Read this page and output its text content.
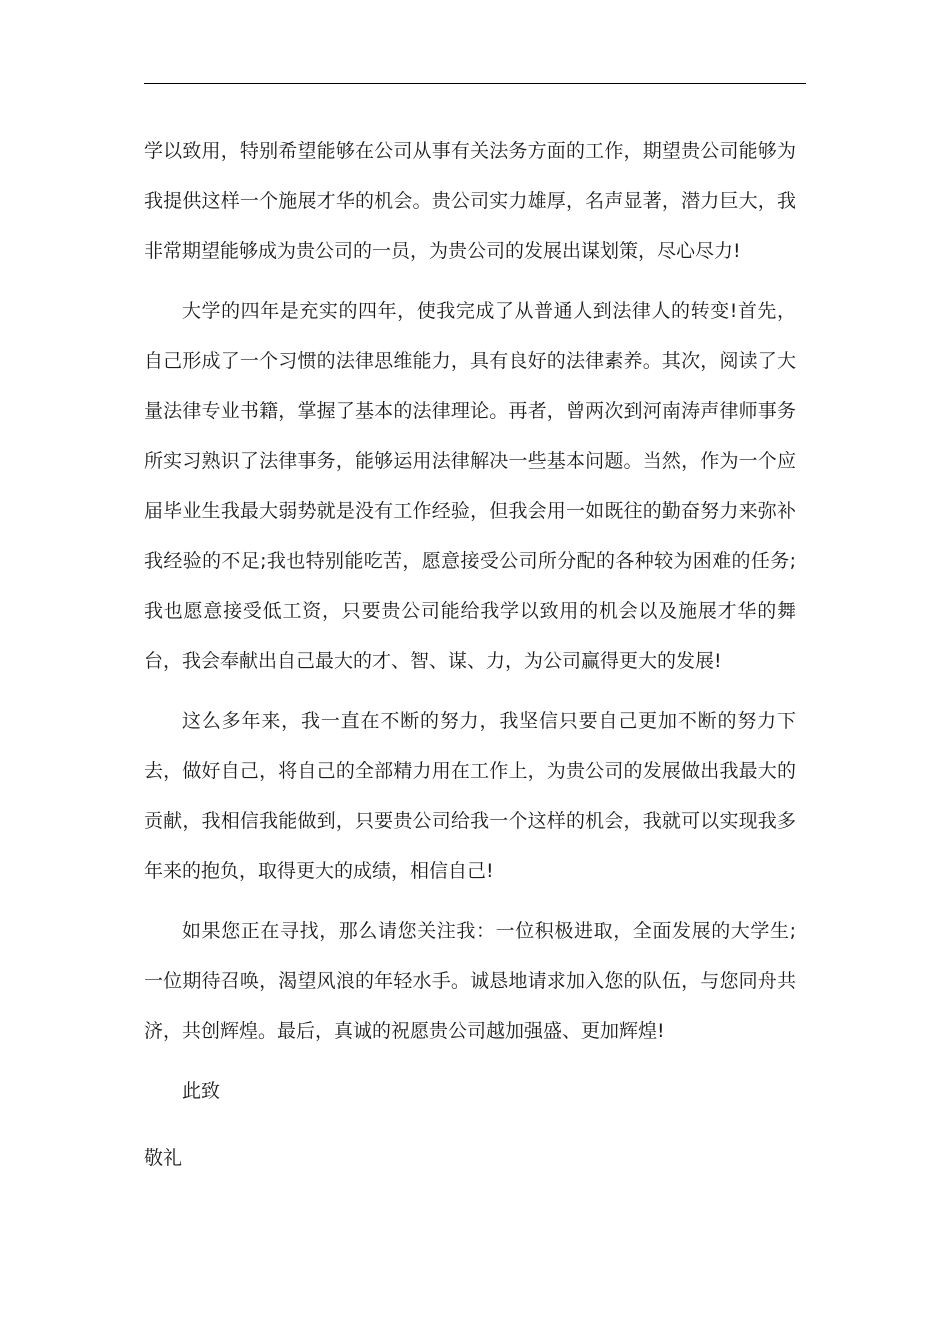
学以致用，特别希望能够在公司从事有关法务方面的工作，期望贵公司能够为我提供这样一个施展才华的机会。贵公司实力雄厚，名声显著，潜力巨大，我非常期望能够成为贵公司的一员，为贵公司的发展出谋划策，尽心尽力!

大学的四年是充实的四年，使我完成了从普通人到法律人的转变!首先，自己形成了一个习惯的法律思维能力，具有良好的法律素养。其次，阅读了大量法律专业书籍，掌握了基本的法律理论。再者，曾两次到河南涛声律师事务所实习熟识了法律事务，能够运用法律解决一些基本问题。当然，作为一个应届毕业生我最大弱势就是没有工作经验，但我会用一如既往的勤奋努力来弥补我经验的不足;我也特别能吃苦，愿意接受公司所分配的各种较为困难的任务;我也愿意接受低工资，只要贵公司能给我学以致用的机会以及施展才华的舞台，我会奉献出自己最大的才、智、谋、力，为公司赢得更大的发展!

这么多年来，我一直在不断的努力，我坚信只要自己更加不断的努力下去，做好自己，将自己的全部精力用在工作上，为贵公司的发展做出我最大的贡献，我相信我能做到，只要贵公司给我一个这样的机会，我就可以实现我多年来的抱负，取得更大的成绩，相信自己!

如果您正在寻找，那么请您关注我：一位积极进取，全面发展的大学生;一位期待召唤，渴望风浪的年轻水手。诚恳地请求加入您的队伍，与您同舟共济，共创辉煌。最后，真诚的祝愿贵公司越加强盛、更加辉煌!

此致

敬礼
